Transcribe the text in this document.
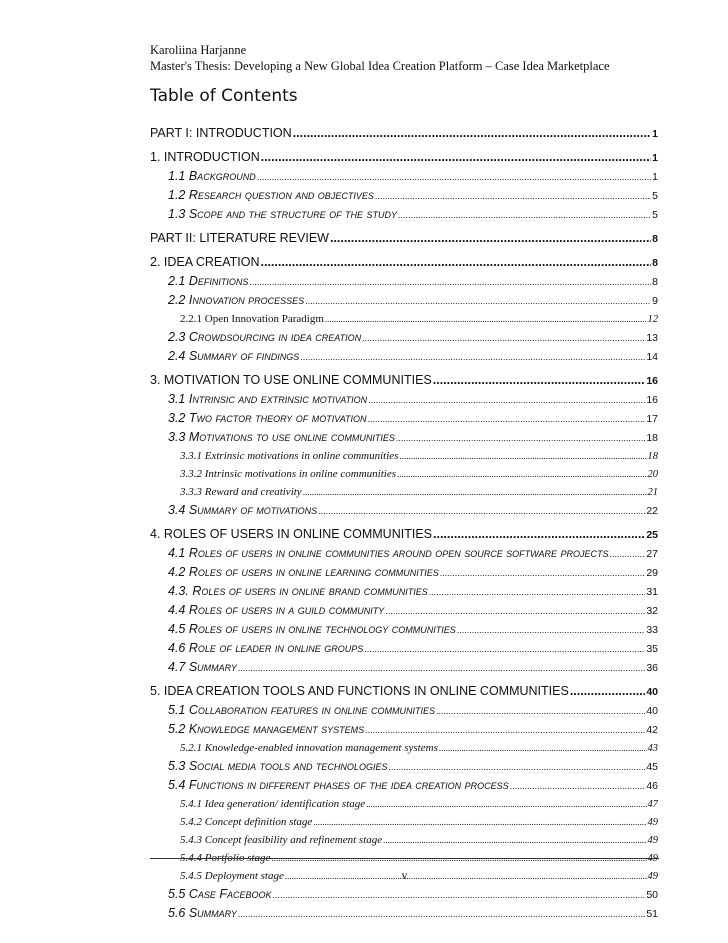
Karoliina Harjanne
Master's Thesis: Developing a New Global Idea Creation Platform – Case Idea Marketplace
Table of Contents
PART I: INTRODUCTION .....	1
1. INTRODUCTION .....	1
1.1 Background .....	1
1.2 Research question and objectives .....	5
1.3 Scope and the structure of the study .....	5
PART II: LITERATURE REVIEW .....	8
2. IDEA CREATION .....	8
2.1 Definitions .....	8
2.2 Innovation processes .....	9
2.2.1 Open Innovation Paradigm .....	12
2.3 Crowdsourcing in idea creation .....	13
2.4 Summary of findings .....	14
3. MOTIVATION TO USE ONLINE COMMUNITIES .....	16
3.1 Intrinsic and extrinsic motivation .....	16
3.2 Two factor theory of motivation .....	17
3.3 Motivations to use online communities .....	18
3.3.1 Extrinsic motivations in online communities .....	18
3.3.2 Intrinsic motivations in online communities .....	20
3.3.3 Reward and creativity .....	21
3.4 Summary of motivations .....	22
4. ROLES OF USERS IN ONLINE COMMUNITIES .....	25
4.1 Roles of users in online communities around open source software projects .....	27
4.2 Roles of users in online learning communities .....	29
4.3. Roles of users in online brand communities .....	31
4.4 Roles of users in a guild community .....	32
4.5 Roles of users in online technology communities .....	33
4.6 Role of leader in online groups .....	35
4.7 Summary .....	36
5. IDEA CREATION TOOLS AND FUNCTIONS IN ONLINE COMMUNITIES .....	40
5.1 Collaboration features in online communities .....	40
5.2 Knowledge management systems .....	42
5.2.1 Knowledge-enabled innovation management systems .....	43
5.3 Social media tools and technologies .....	45
5.4 Functions in different phases of the idea creation process .....	46
5.4.1 Idea generation/ identification stage .....	47
5.4.2 Concept definition stage .....	49
5.4.3 Concept feasibility and refinement stage .....	49
5.4.4 Portfolio stage .....	49
5.4.5 Deployment stage .....	49
5.5 Case Facebook .....	50
5.6 Summary .....	51
v
